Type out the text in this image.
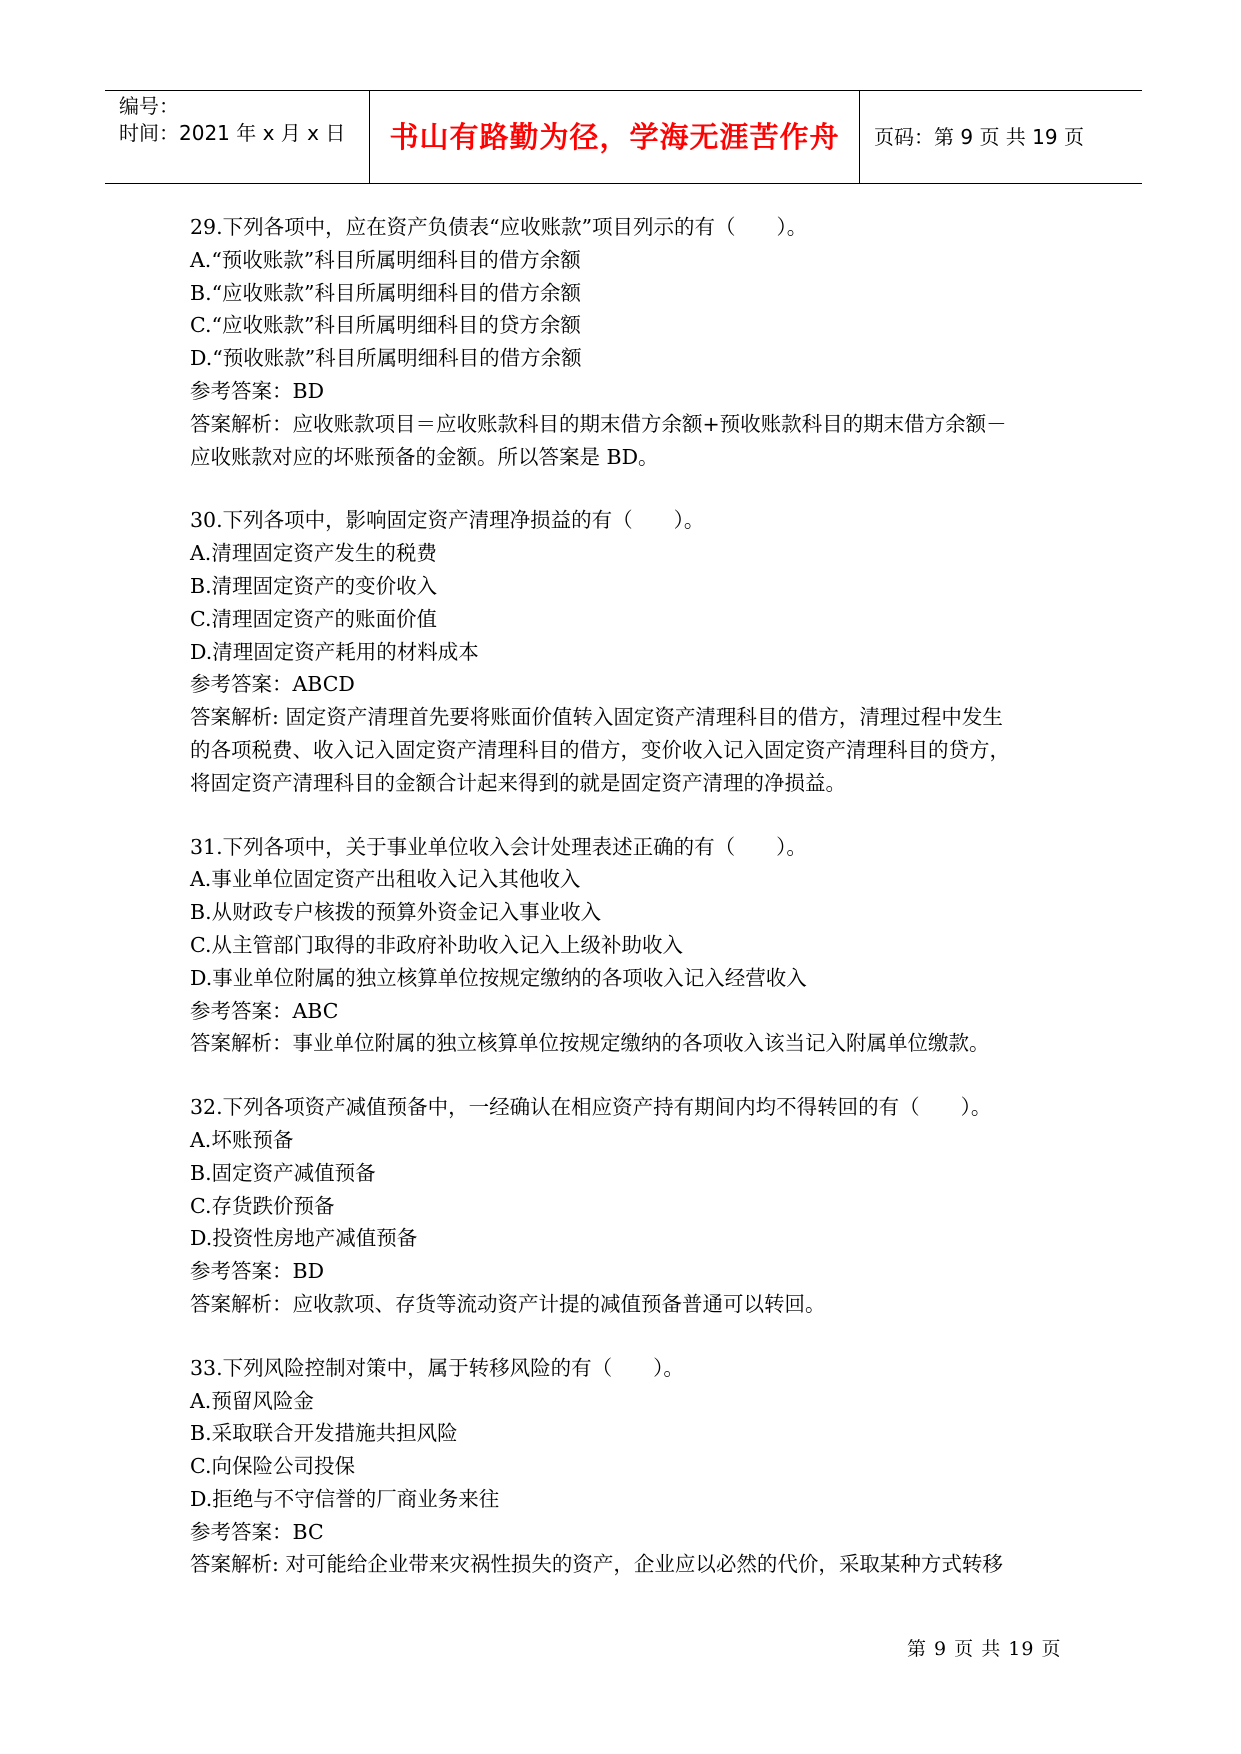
编号：
时间：2021 年 x 月 x 日	书山有路勤为径，学海无涯苦作舟	页码：第 9 页 共 19 页
29.下列各项中，应在资产负债表“应收账款”项目列示的有（　　）。
A.“预收账款”科目所属明细科目的借方余额
B.“应收账款”科目所属明细科目的借方余额
C.“应收账款”科目所属明细科目的贷方余额
D.“预收账款”科目所属明细科目的借方余额
参考答案：BD
答案解析：应收账款项目＝应收账款科目的期末借方余额+预收账款科目的期末借方余额－
应收账款对应的坏账预备的金额。所以答案是 BD。
30.下列各项中，影响固定资产清理净损益的有（　　）。
A.清理固定资产发生的税费
B.清理固定资产的变价收入
C.清理固定资产的账面价值
D.清理固定资产耗用的材料成本
参考答案：ABCD
答案解析: 固定资产清理首先要将账面价值转入固定资产清理科目的借方，清理过程中发生
的各项税费、收入记入固定资产清理科目的借方，变价收入记入固定资产清理科目的贷方，
将固定资产清理科目的金额合计起来得到的就是固定资产清理的净损益。
31.下列各项中，关于事业单位收入会计处理表述正确的有（　　）。
A.事业单位固定资产出租收入记入其他收入
B.从财政专户核拨的预算外资金记入事业收入
C.从主管部门取得的非政府补助收入记入上级补助收入
D.事业单位附属的独立核算单位按规定缴纳的各项收入记入经营收入
参考答案：ABC
答案解析：事业单位附属的独立核算单位按规定缴纳的各项收入该当记入附属单位缴款。
32.下列各项资产减值预备中，一经确认在相应资产持有期间内均不得转回的有（　　）。
A.坏账预备
B.固定资产减值预备
C.存货跌价预备
D.投资性房地产减值预备
参考答案：BD
答案解析：应收款项、存货等流动资产计提的减值预备普通可以转回。
33.下列风险控制对策中，属于转移风险的有（　　）。
A.预留风险金
B.采取联合开发措施共担风险
C.向保险公司投保
D.拒绝与不守信誉的厂商业务来往
参考答案：BC
答案解析: 对可能给企业带来灾祸性损失的资产，企业应以必然的代价，采取某种方式转移
第 9 页 共 19 页
